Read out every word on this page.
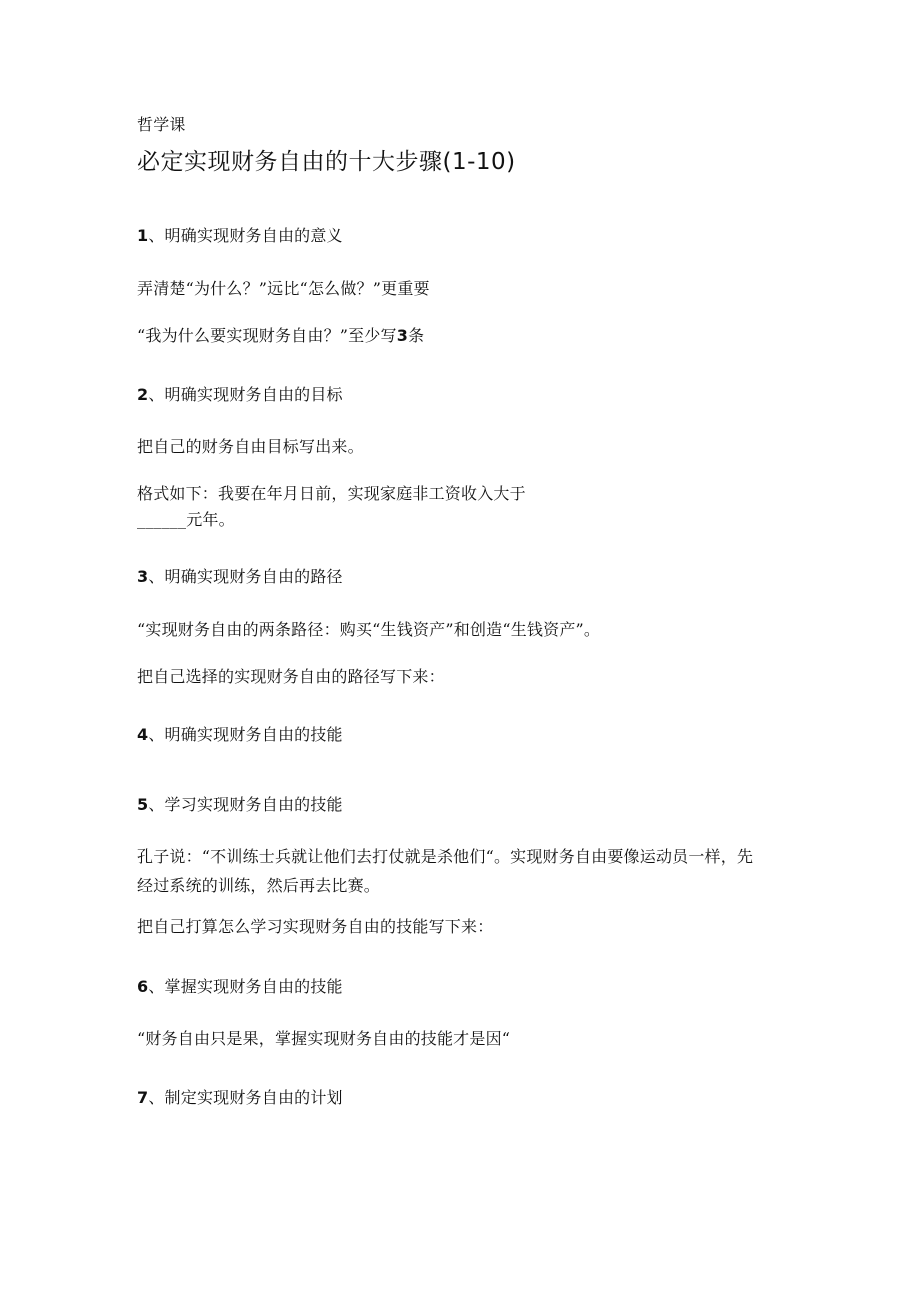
哲学课
必定实现财务自由的十大步骤(1-10)
1、明确实现财务自由的意义
弄清楚“为什么？”远比“怎么做？”更重要
“我为什么要实现财务自由？”至少写3条
2、明确实现财务自由的目标
把自己的财务自由目标写出来。
格式如下：我要在年月日前，实现家庭非工资收入大于
______元年。
3、明确实现财务自由的路径
“实现财务自由的两条路径：购买“生钱资产”和创造“生钱资产”。
把自己选择的实现财务自由的路径写下来：
4、明确实现财务自由的技能
5、学习实现财务自由的技能
孔子说：“不训练士兵就让他们去打仗就是杀他们“。实现财务自由要像运动员一样，先经过系统的训练，然后再去比赛。
把自己打算怎么学习实现财务自由的技能写下来：
6、掌握实现财务自由的技能
“财务自由只是果，掌握实现财务自由的技能才是因“
7、制定实现财务自由的计划
